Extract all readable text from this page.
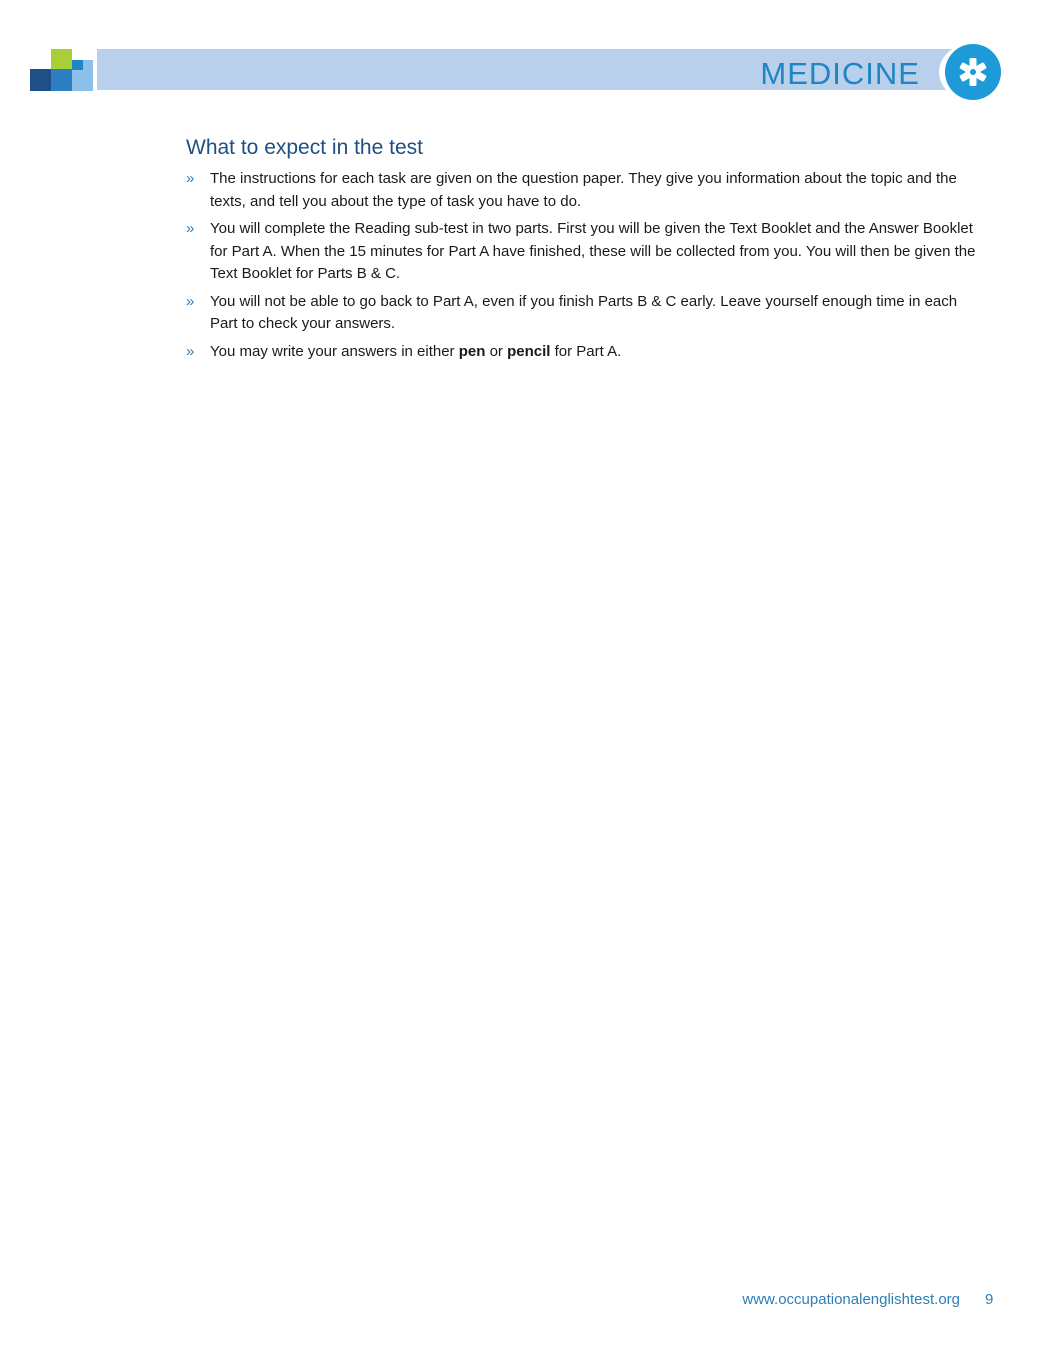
MEDICINE
What to expect in the test
» The instructions for each task are given on the question paper. They give you information about the topic and the texts, and tell you about the type of task you have to do.
» You will complete the Reading sub-test in two parts. First you will be given the Text Booklet and the Answer Booklet for Part A. When the 15 minutes for Part A have finished, these will be collected from you. You will then be given the Text Booklet for Parts B & C.
» You will not be able to go back to Part A, even if you finish Parts B & C early. Leave yourself enough time in each Part to check your answers.
» You may write your answers in either pen or pencil for Part A.
www.occupationalenglishtest.org 9
